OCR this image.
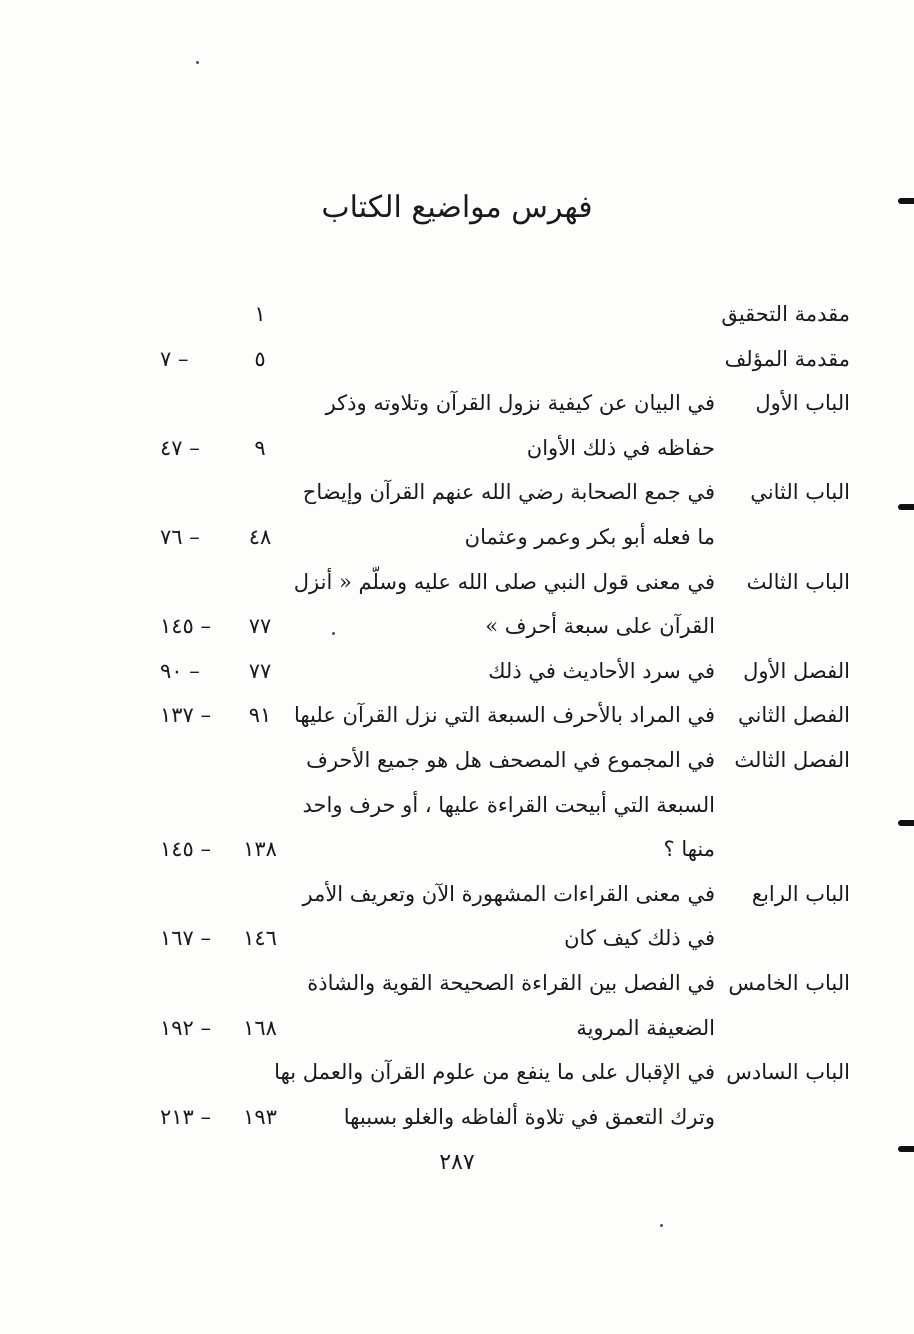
فهرس مواضيع الكتاب
مقدمة التحقيق
١
مقدمة المؤلف
٥
– ٧
الباب الأول
في البيان عن كيفية نزول القرآن وتلاوته وذكر
حفاظه في ذلك الأوان
٩
– ٤٧
الباب الثاني
في جمع الصحابة رضي الله عنهم القرآن وإيضاح
ما فعله أبو بكر وعمر وعثمان
٤٨
– ٧٦
الباب الثالث
في معنى قول النبي صلى الله عليه وسلّم « أنزل
القرآن على سبعة أحرف »
٧٧
– ١٤٥
الفصل الأول
في سرد الأحاديث في ذلك
٧٧
– ٩٠
الفصل الثاني
في المراد بالأحرف السبعة التي نزل القرآن عليها
٩١
– ١٣٧
الفصل الثالث
في المجموع في المصحف هل هو جميع الأحرف
السبعة التي أبيحت القراءة عليها ، أو حرف واحد
منها ؟
١٣٨
– ١٤٥
الباب الرابع
في معنى القراءات المشهورة الآن وتعريف الأمر
في ذلك كيف كان
١٤٦
– ١٦٧
الباب الخامس
في الفصل بين القراءة الصحيحة القوية والشاذة
الضعيفة المروية
١٦٨
– ١٩٢
الباب السادس
في الإقبال على ما ينفع من علوم القرآن والعمل بها
وترك التعمق في تلاوة ألفاظه والغلو بسببها
١٩٣
– ٢١٣
٢٨٧
